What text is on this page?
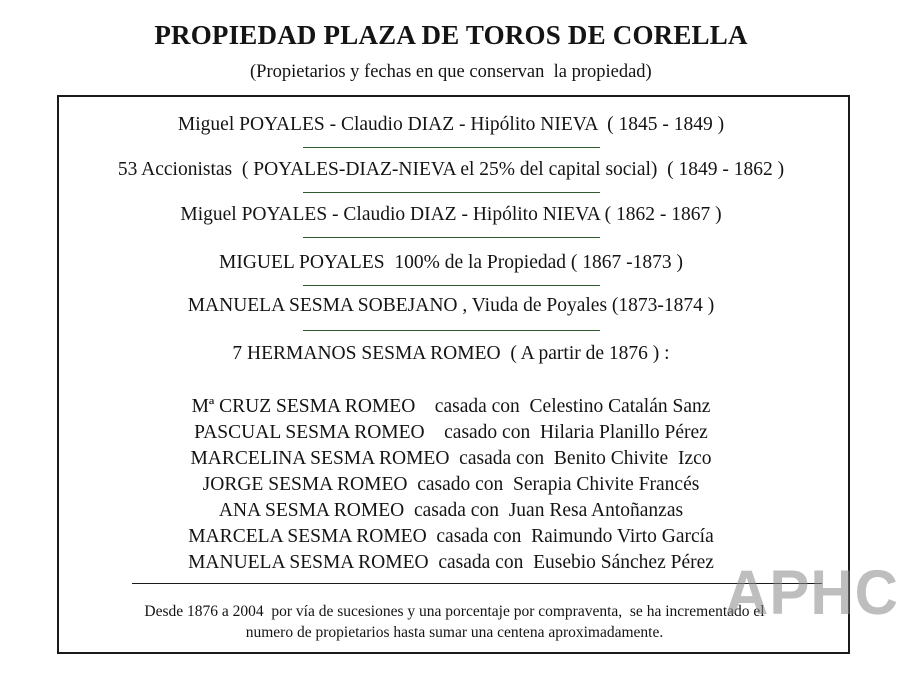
PROPIEDAD PLAZA DE TOROS DE CORELLA
(Propietarios y fechas en que conservan  la propiedad)
Miguel POYALES - Claudio DIAZ - Hipólito NIEVA  ( 1845 - 1849 )
53 Accionistas  ( POYALES-DIAZ-NIEVA el 25% del capital social)  ( 1849 - 1862 )
Miguel POYALES - Claudio DIAZ - Hipólito NIEVA ( 1862 - 1867 )
MIGUEL POYALES  100% de la Propiedad ( 1867 -1873 )
MANUELA SESMA SOBEJANO , Viuda de Poyales (1873-1874 )
7 HERMANOS SESMA ROMEO  ( A partir de 1876 ) :
Mª CRUZ SESMA ROMEO    casada con  Celestino Catalán Sanz
PASCUAL SESMA ROMEO    casado con  Hilaria Planillo Pérez
MARCELINA SESMA ROMEO  casada con  Benito Chivite  Izco
JORGE SESMA ROMEO  casado con  Serapia Chivite Francés
ANA SESMA ROMEO  casada con  Juan Resa Antoñanzas
MARCELA SESMA ROMEO  casada con  Raimundo Virto García
MANUELA SESMA ROMEO  casada con  Eusebio Sánchez Pérez
Desde 1876 a 2004  por vía de sucesiones y una porcentaje por compraventa,  se ha incrementado el
numero de propietarios hasta sumar una centena aproximadamente.
APHC
